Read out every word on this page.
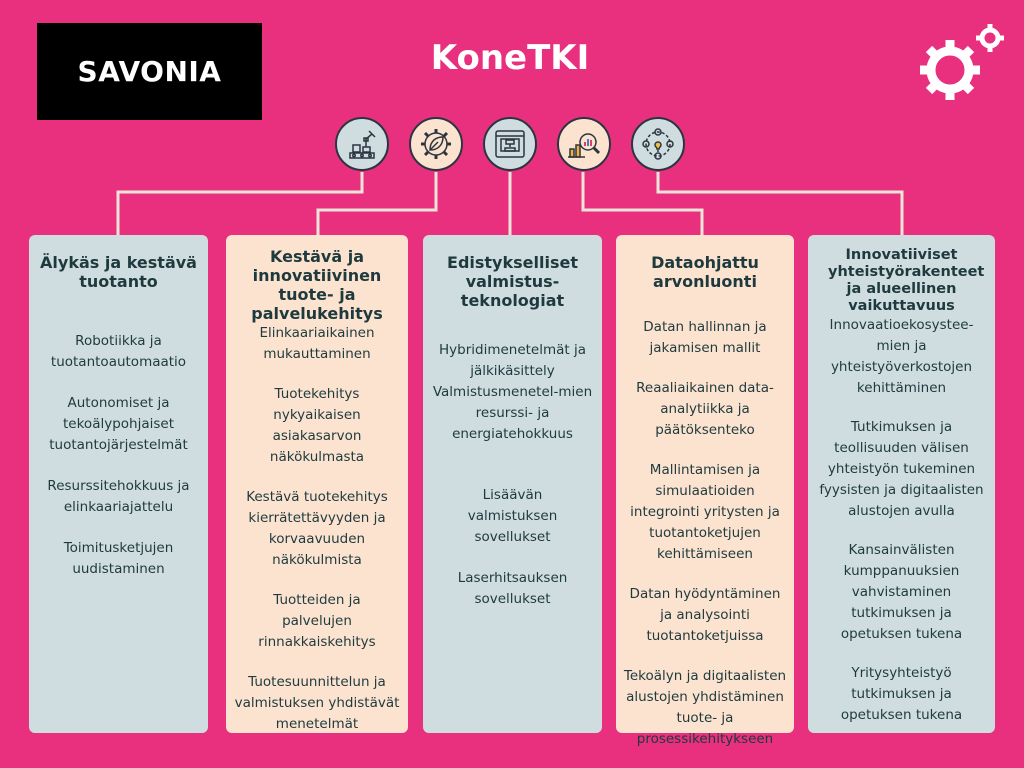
SAVONIA	KoneTKI
Älykäs ja kestävä tuotanto
Robotiikka ja tuotantoautomaatio
Autonomiset ja tekoälypohjaiset tuotantojärjestelmät
Resurssitehokkuus ja elinkaariajattelu
Toimitusketjujen uudistaminen
Kestävä ja innovatiivinen tuote- ja palvelukehitys
Elinkaariaikainen mukauttaminen
Tuotekehitys nykyaikaisen asiakasarvon näkökulmasta
Kestävä tuotekehitys kierrätettävyyden ja korvaavuuden näkökulmista
Tuotteiden ja palvelujen rinnakkaiskehitys
Tuotesuunnittelun ja valmistuksen yhdistävät menetelmät
Edistykselliset valmistus-teknologiat
Hybridimenetelmät ja jälkikäsittely Valmistusmenetel-mien resurssi- ja energiatehokkuus
Lisäävän valmistuksen sovellukset
Laserhitsauksen sovellukset
Dataohjattu arvonluonti
Datan hallinnan ja jakamisen mallit
Reaaliaikainen data-analytiikka ja päätöksenteko
Mallintamisen ja simulaatioiden integrointi yritysten ja tuotantoketjujen kehittämiseen
Datan hyödyntäminen ja analysointi tuotantoketjuissa
Tekoälyn ja digitaalisten alustojen yhdistäminen tuote- ja prosessikehitykseen
Innovatiiviset yhteistyörakenteet ja alueellinen vaikuttavuus
Innovaatioekosystee-mien ja yhteistyöverkostojen kehittäminen
Tutkimuksen ja teollisuuden välisen yhteistyön tukeminen fyysisten ja digitaalisten alustojen avulla
Kansainvälisten kumppanuuksien vahvistaminen tutkimuksen ja opetuksen tukena
Yritysyhteistyö tutkimuksen ja opetuksen tukena
